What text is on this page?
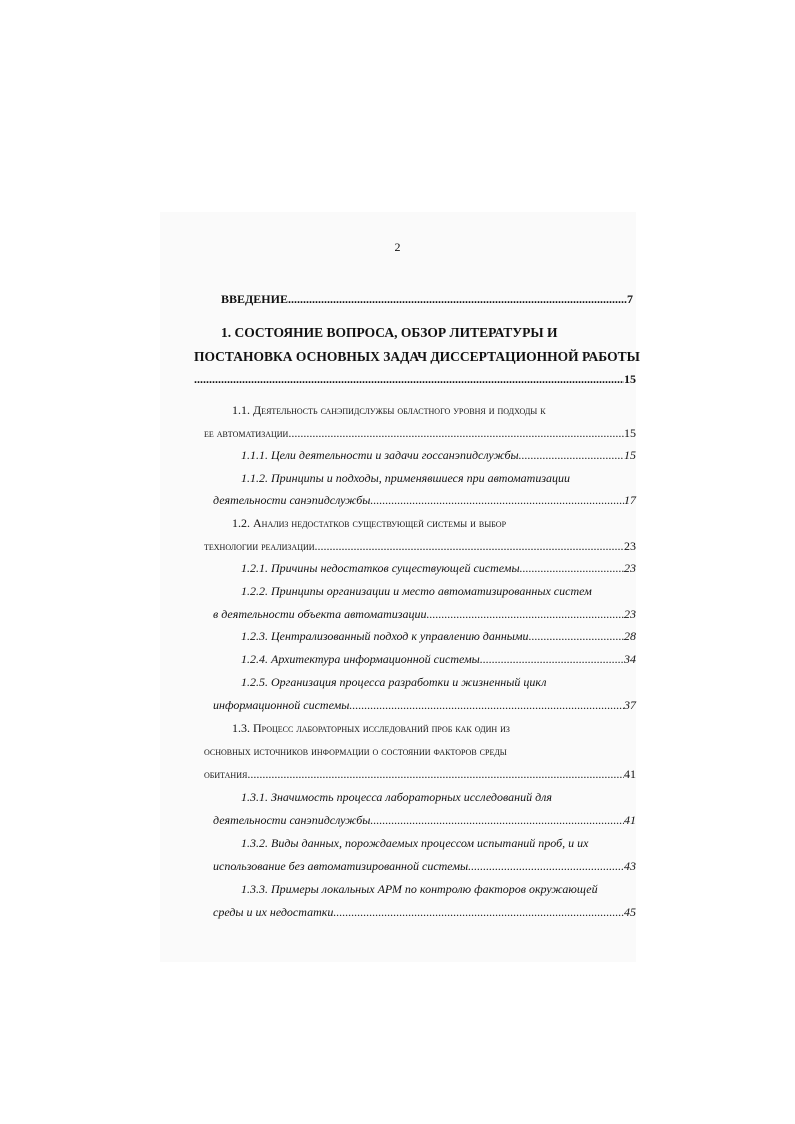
2
ВВЕДЕНИЕ .....	7
1. СОСТОЯНИЕ ВОПРОСА, ОБЗОР ЛИТЕРАТУРЫ И
ПОСТАНОВКА ОСНОВНЫХ ЗАДАЧ ДИССЕРТАЦИОННОЙ РАБОТЫ
.....
15
1.1. Деятельность санэпидслужбы областного уровня и подходы к
ее автоматизации .....	15
1.1.1. Цели деятельности и задачи госсанэпидслужбы .....	15
1.1.2. Принципы и подходы, применявшиеся при автоматизации
деятельности санэпидслужбы .....	17
1.2. Анализ недостатков существующей системы и выбор
технологии реализации .....	23
1.2.1. Причины недостатков существующей системы .....	23
1.2.2. Принципы организации и место автоматизированных систем
в деятельности объекта автоматизации .....	23
1.2.3. Централизованный подход к управлению данными .....	28
1.2.4. Архитектура информационной системы .....	34
1.2.5. Организация процесса разработки и жизненный цикл
информационной системы .....	37
1.3. Процесс лабораторных исследований проб как один из
основных источников информации о состоянии факторов среды
обитания .....	41
1.3.1. Значимость процесса лабораторных исследований для
деятельности санэпидслужбы .....	41
1.3.2. Виды данных, порождаемых процессом испытаний проб, и их
использование без автоматизированной системы .....	43
1.3.3. Примеры локальных АРМ по контролю факторов окружающей
среды и их недостатки .....	45
